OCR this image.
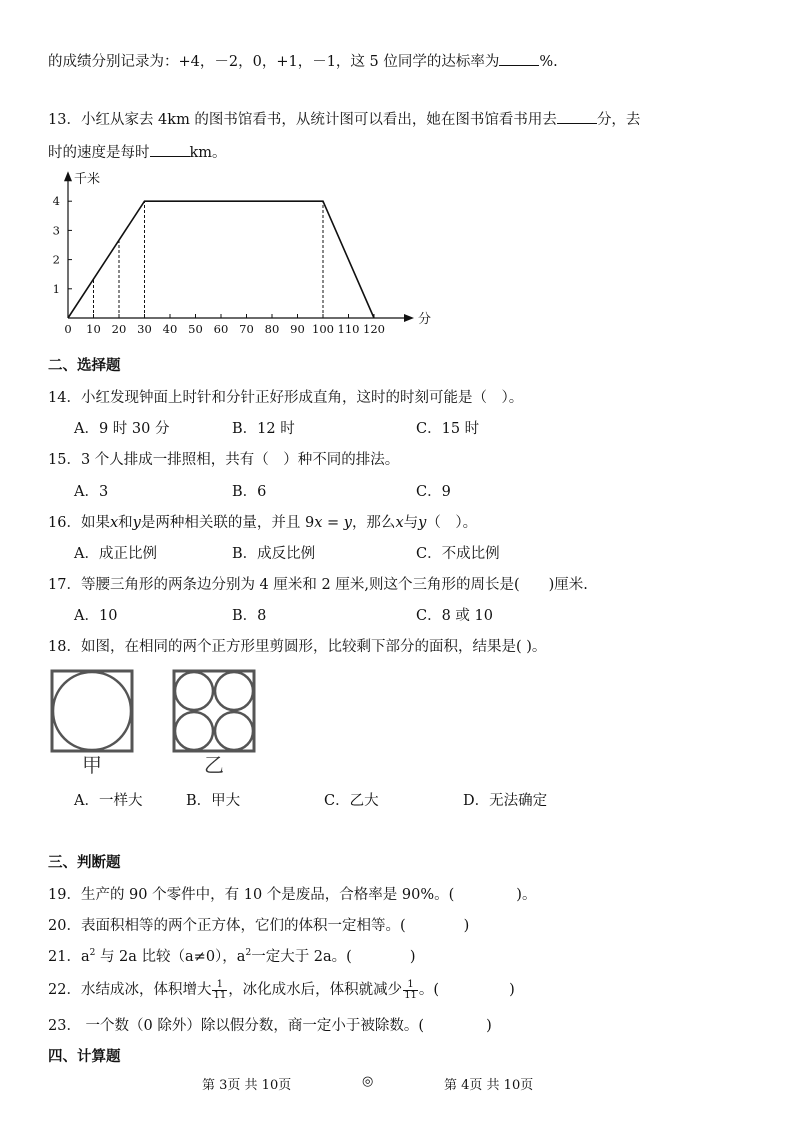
的成绩分别记录为：+4，－2，0，+1，－1，这 5 位同学的达标率为	%.
13．小红从家去 4km 的图书馆看书，从统计图可以看出，她在图书馆看书用去	分，去
时的速度是每时	km。
千米
分
0 10 20 30 40 50 60 70 80 90 100 110 120
1
2
3
4
二、选择题
14．小红发现钟面上时针和分针正好形成直角，这时的时刻可能是（　）。
A．9 时 30 分	B．12 时	C．15 时
15．3 个人排成一排照相，共有（　）种不同的排法。
A．3	B．6	C．9
16．如果x和y是两种相关联的量，并且 9x = y，那么x与y（　）。
A．成正比例	B．成反比例	C．不成比例
17．等腰三角形的两条边分别为 4 厘米和 2 厘米,则这个三角形的周长是(　　)厘米.
A．10	B．8	C．8 或 10
18．如图，在相同的两个正方形里剪圆形，比较剩下部分的面积，结果是( )。
甲	乙
A．一样大	B．甲大	C．乙大	D．无法确定
三、判断题
19．生产的 90 个零件中，有 10 个是废品，合格率是 90%。(	)。
20．表面积相等的两个正方体，它们的体积一定相等。(	)
21．$a^2$ 与 2a 比较（a≠0），$a^2$一定大于 2a。(	)
22．水结成冰，体积增大 $\frac{1}{11}$ ，冰化成水后，体积就减少 $\frac{1}{11}$ 。(	)
23． 一个数（0 除外）除以假分数，商一定小于被除数。(	)
四、计算题
第 3页 共 10页	◎	第 4页 共 10页
